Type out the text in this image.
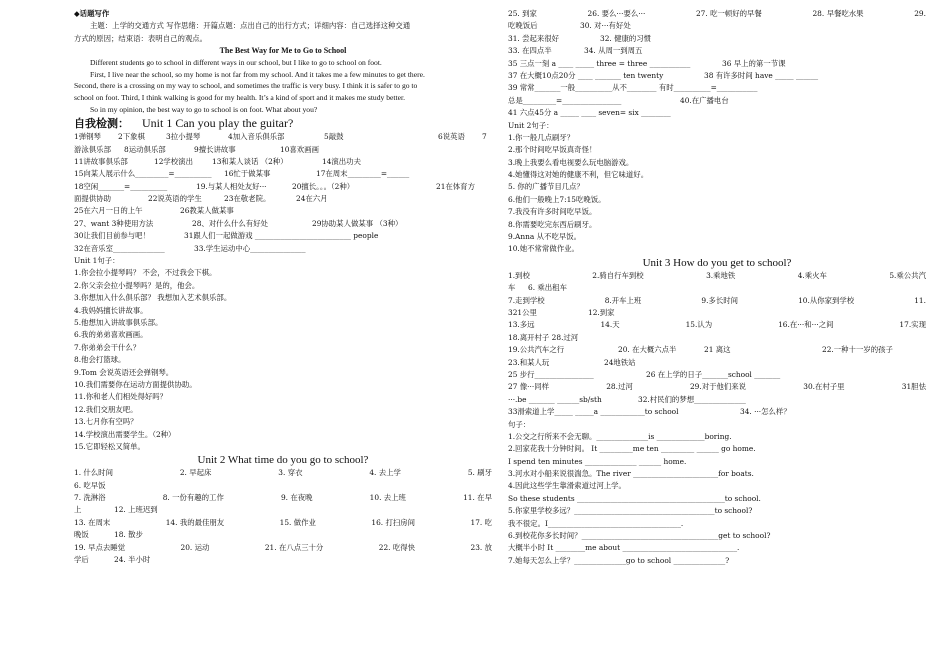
◆话题写作
主题：上学的交通方式 写作思绪：开篇点题：点出自己的出行方式；详细内容：自己选择这种交通
方式的原因；结束语：表明自己的观点。
The Best Way for Me to Go to School
Different students go to school in different ways in our school, but I like to go to school on foot.
First, I live near the school, so my home is not far from my school. And it takes me a few minutes to get there.
Second, there is a crossing on my way to school, and sometimes the traffic is very busy. I think it is safer to go to
school on foot. Third, I think walking is good for my health. It’s a kind of sport and it makes me study better.
So in my opinion, the best way to go to school is on foot. What about you?
自我检测： Unit 1 Can you play the guitar?
1弹钢琴	2下象棋	3拉小提琴	4加入音乐俱乐部	5敲鼓	6说英语	7
游泳俱乐部	8运动俱乐部	9擅长讲故事	10喜欢画画
11讲故事俱乐部	12学校演出	13和某人谈话 （2种）	14演出功夫
15向某人展示什么_________=__________	16忙于做某事	17在周末_________=______
18空闲_______=__________	19.与某人相处友好···	20擅长。。。（2种）	21在体育方
面提供协助	22说英语的学生	23在敬老院。	24在六月
25在六月一日的上午	26教某人做某事
27、want 3种使用方法	28、对什么什么有好处	29协助某人做某事 （3种）
30让我们目前参与吧！	31跟人们一起做游戏 __________________________ people
32在音乐室______________	33.学生运动中心_______________
Unit 1句子：
1.你会拉小提琴吗？ 不会，不过我会下棋。
2.你父亲会拉小提琴吗？是的，他会。
3.你想加入什么俱乐部？ 我想加入艺术俱乐部。
4.我妈妈擅长讲故事。
5.他想加入讲故事俱乐部。
6.我的弟弟喜欢画画。
7.你弟弟会干什么？
8.他会打篮球。
9.Tom 会说英语还会弹钢琴。
10.我们需要你在运动方面提供协助。
11.你和老人们相处得好吗？
12.我们交朋友吧。
13.七月你有空吗？
14.学校演出需要学生。（2种）
15.它即轻松又简单。
Unit 2 What time do you go to school?
1. 什么时间	2. 早起床	3. 穿衣	4. 去上学	5. 刷牙
6. 吃早饭
7. 洗淋浴	8. 一份有趣的工作	9. 在夜晚	10. 去上班	11. 在早
上	12. 上班迟到
13. 在周末	14. 我的最佳朋友	15. 做作业	16. 打扫房间	17. 吃
晚饭	18. 散步
19. 早点去睡觉	20. 运动	21. 在八点三十分	22. 吃得快	23. 放
学后	24. 半小时
25. 到家	26. 要么···要么···	27. 吃一顿好的早餐	28. 早餐吃水果	29.
吃晚饭后	30. 对···有好处
31. 尝起来很好	32. 健康的习惯
33. 在四点半	34. 从周一到周五
35 三点一刻 a ____ _____ three = three ___________	36 早上的第一节课
37 在大概10点20分 ____ _______ ten twenty	38 有许多时间 have _____ ______
39 常常_______一般__________从不________ 有时__________=___________
总是_________=________________	40.在广播电台
41 六点45分 a _____ ____ seven= six ________
Unit 2句子：
1.你一般几点刷牙？
2.那个时间吃早饭真奇怪！
3.晚上我要么看电视要么玩电脑游戏。
4.她懂得这对她的健康不利，但它味道好。
5. 你的广播节目几点？
6.他们一般晚上7:15吃晚饭。
7.我没有许多时间吃早饭。
8.你需要吃完东西后刷牙。
9.Anna 从不吃早饭。
10.她不常常做作业。
Unit 3 How do you get to school?
1.到校	2.骑自行车到校	3.乘地铁	4.乘火车	5.乘公共汽
车	6. 乘出租车
7.走到学校	8.开车上班	9.多长时间	10.从你家到学校	11.
321公里	12.到家
13.多远	14.天	15.认为	16.在···和···之间	17.实现
18.离开村子 28.过河
19.公共汽车之行	20. 在大概六点半	21 离这	22.一种十一岁的孩子
23.和某人玩	24地铁站
25 步行________________	26 在上学的日子_______school _______
27 像···同样	28.过河	29.对于他们来说	30.在村子里	31胆怯
···.be _______ ______sb/sth	32.村民们的梦想______________
33滑索道上学_____ _____a ____________to school	34. ···怎么样？
句子：
1.公交之行所来不会无聊。______________is _____________boring.
2.回家花我十分钟时间。 It _________me ten _________ ______ go home.
I spend ten minutes ______________ ______ home.
3.河水对小船来说很湍急。The river _______________________for boats.
4.因此这些学生靠滑索道过河上学。
So these students ________________________________________to school.
5.你家里学校多远？______________________________________to school?
我不很定。I____________________________________.
6.到校花你多长时间？_____________________________________get to school?
大概半小时 It ________me about _______________________________.
7.她每天怎么上学？______________go to school ______________?
